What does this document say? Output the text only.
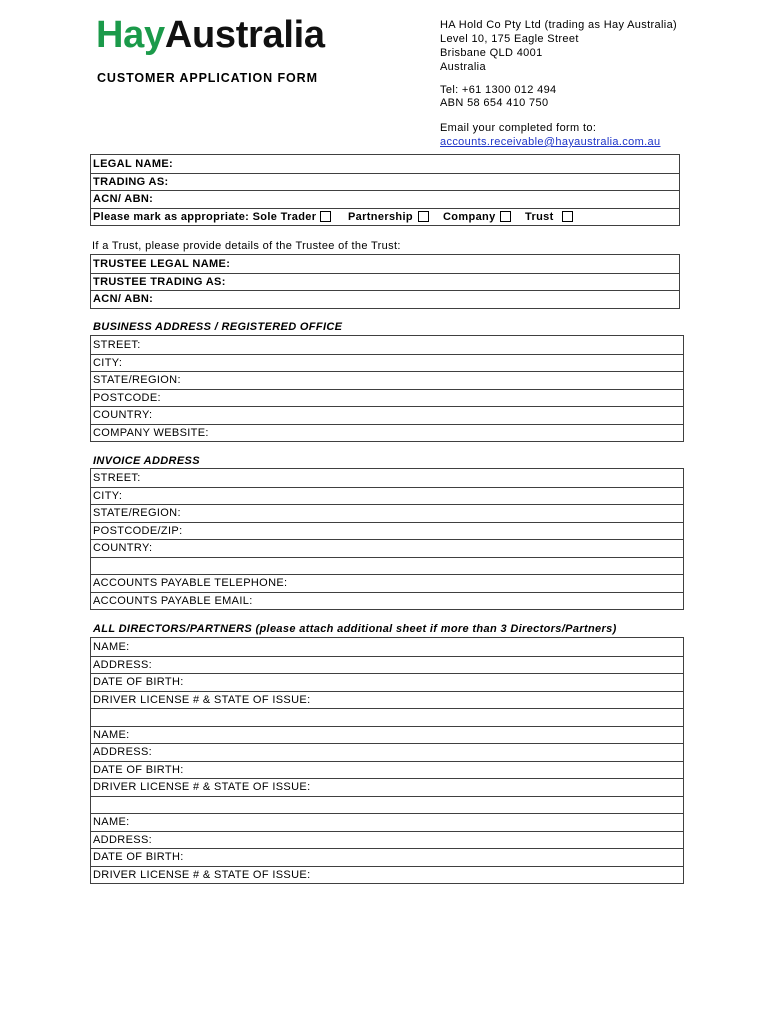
HayAustralia	HA Hold Co Pty Ltd (trading as Hay Australia)
Level 10, 175 Eagle Street
Brisbane QLD 4001
Australia
Tel: +61 1300 012 494
ABN 58 654 410 750
Email your completed form to:
accounts.receivable@hayaustralia.com.au
CUSTOMER APPLICATION FORM
LEGAL NAME:
TRADING AS:
ACN/ ABN:
Please mark as appropriate: Sole Trader	Partnership	Company	Trust
If a Trust, please provide details of the Trustee of the Trust:
TRUSTEE LEGAL NAME:
TRUSTEE TRADING AS:
ACN/ ABN:
BUSINESS ADDRESS / REGISTERED OFFICE
STREET:
CITY:
STATE/REGION:
POSTCODE:
COUNTRY:
COMPANY WEBSITE:
INVOICE ADDRESS
STREET:
CITY:
STATE/REGION:
POSTCODE/ZIP:
COUNTRY:
ACCOUNTS PAYABLE TELEPHONE:
ACCOUNTS PAYABLE EMAIL:
ALL DIRECTORS/PARTNERS (please attach additional sheet if more than 3 Directors/Partners)
NAME:
ADDRESS:
DATE OF BIRTH:
DRIVER LICENSE # & STATE OF ISSUE:
NAME:
ADDRESS:
DATE OF BIRTH:
DRIVER LICENSE # & STATE OF ISSUE:
NAME:
ADDRESS:
DATE OF BIRTH:
DRIVER LICENSE # & STATE OF ISSUE:
